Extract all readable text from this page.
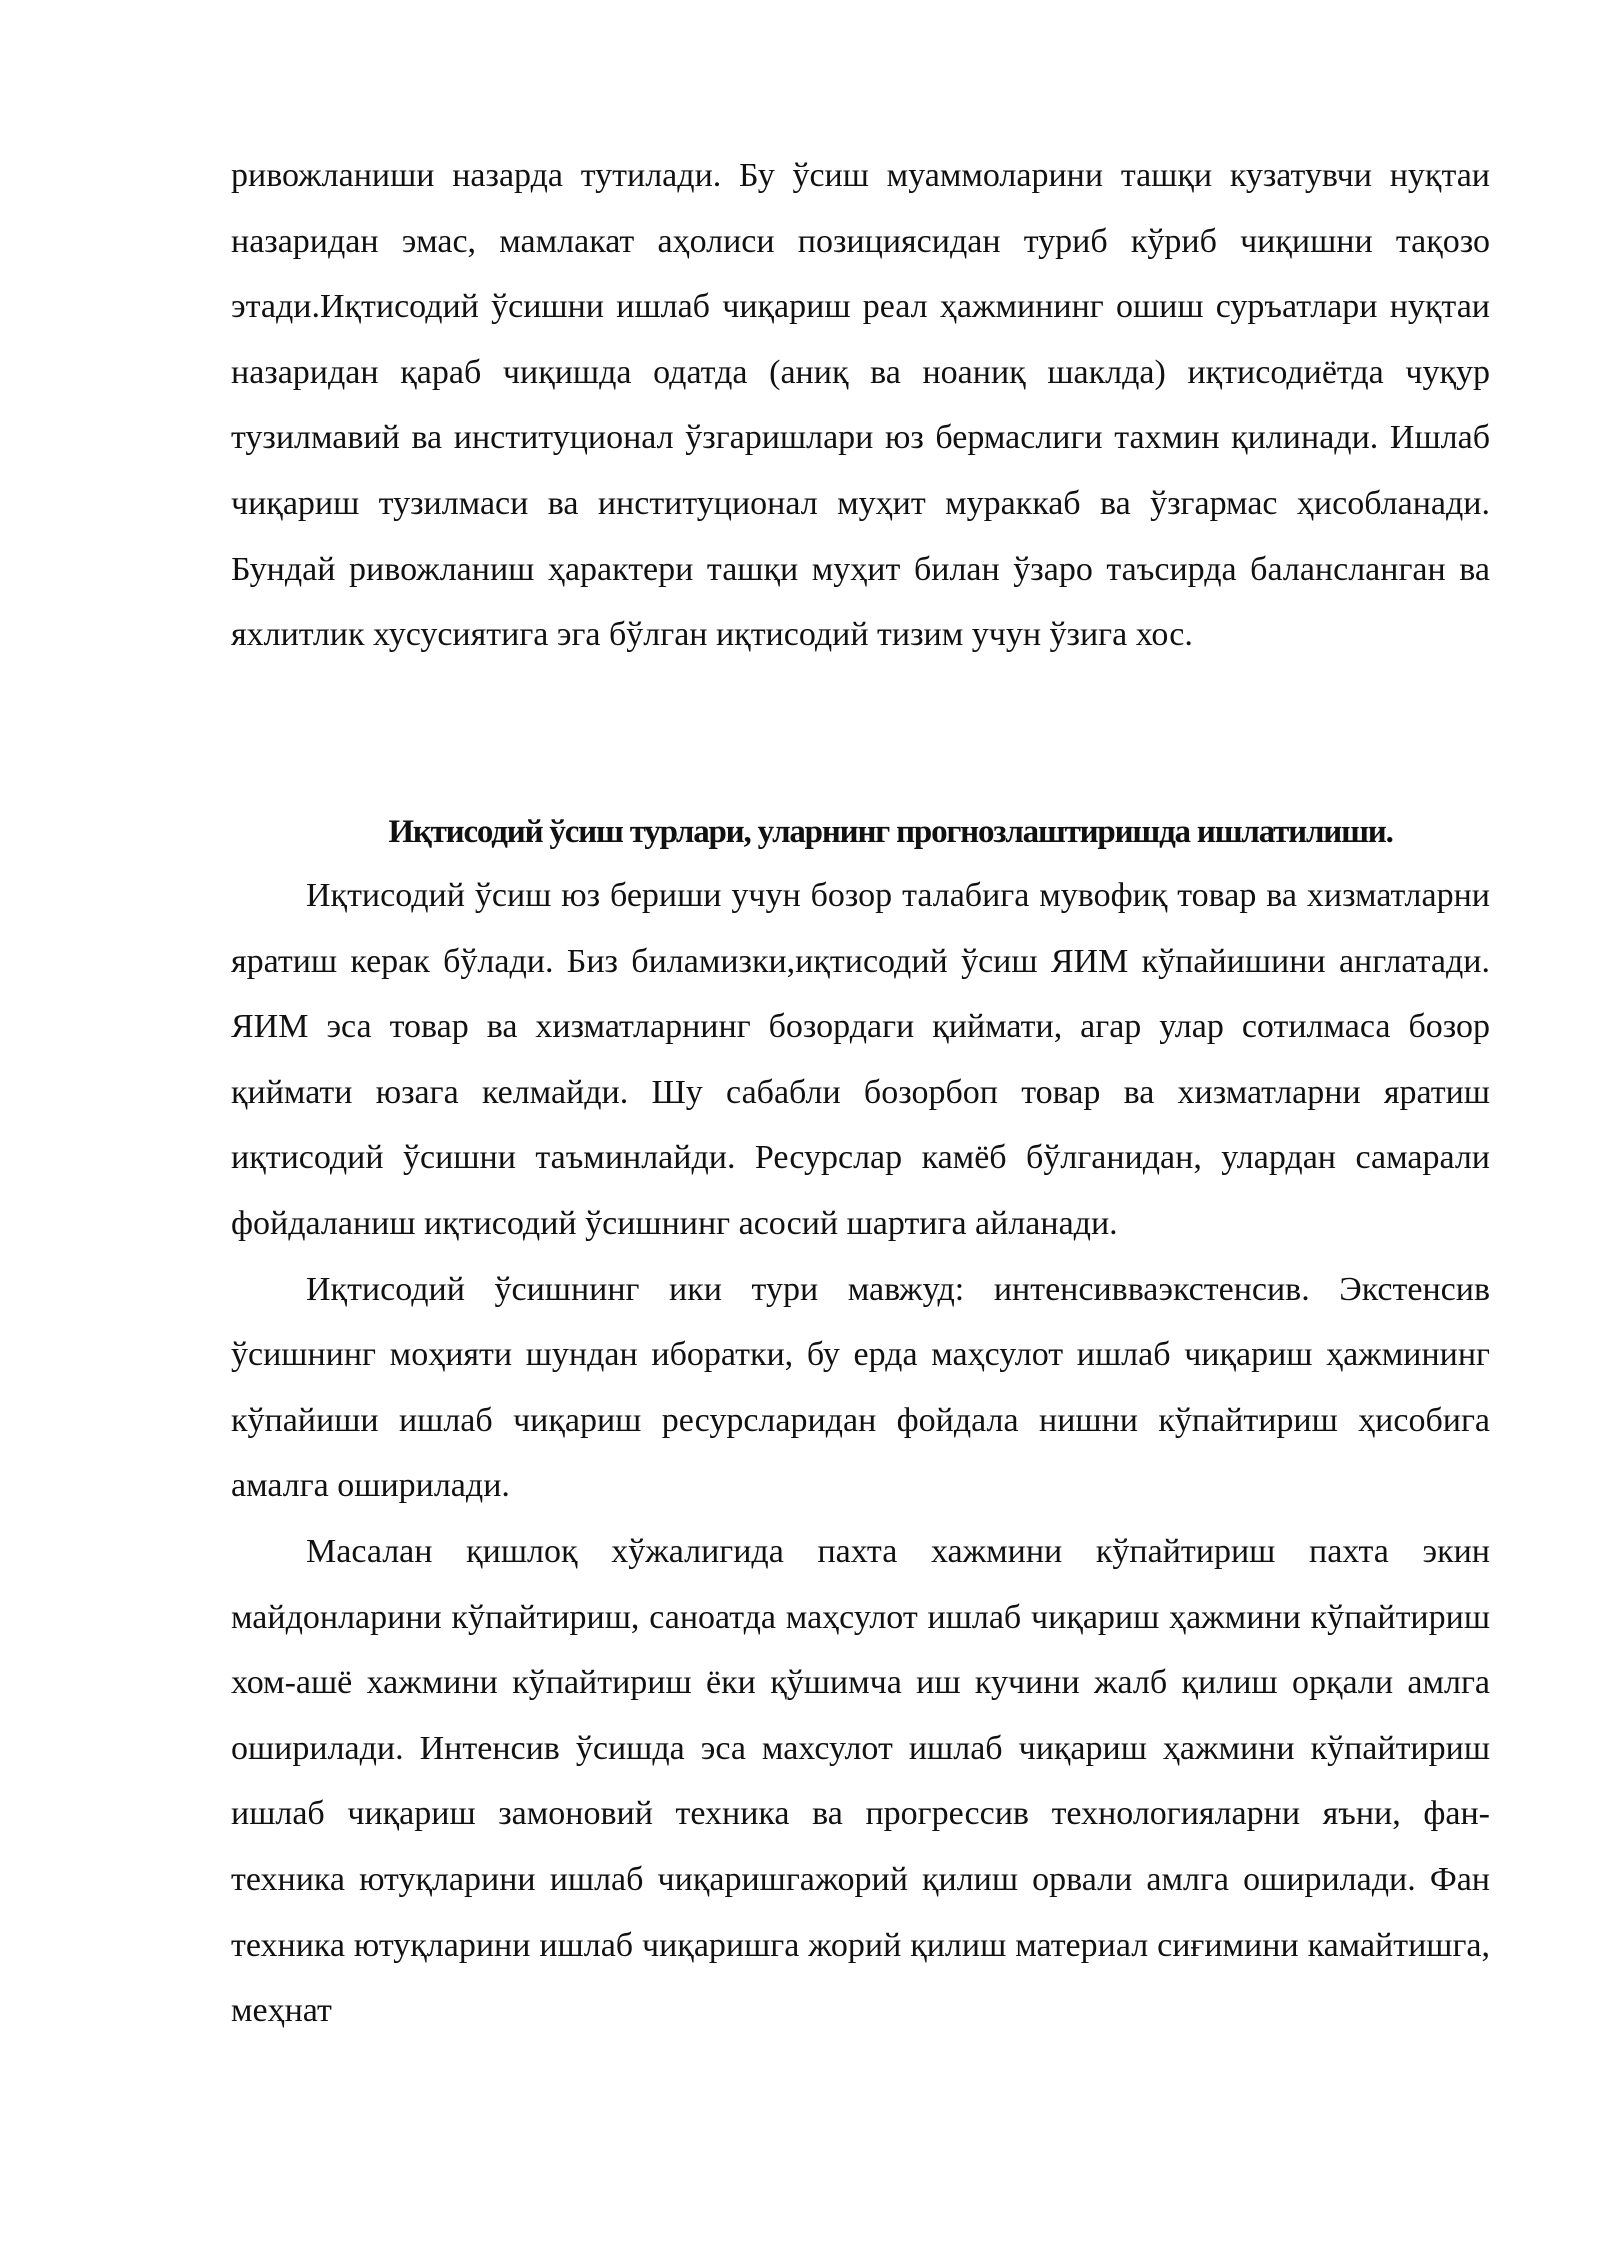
ривожланиши назарда тутилади. Бу ўсиш муаммоларини ташқи кузатувчи нуқтаи назаридан эмас, мамлакат аҳолиси позициясидан туриб кўриб чиқишни тақозо этади.Иқтисодий ўсишни ишлаб чиқариш реал ҳажмининг ошиш суръатлари нуқтаи назаридан қараб чиқишда одатда (аниқ ва ноаниқ шаклда) иқтисодиётда чуқур тузилмавий ва институционал ўзгаришлари юз бермаслиги тахмин қилинади. Ишлаб чиқариш тузилмаси ва институционал муҳит мураккаб ва ўзгармас ҳисобланади. Бундай ривожланиш ҳарактери ташқи муҳит билан ўзаро таъсирда балансланган ва яхлитлик хусусиятига эга бўлган иқтисодий тизим учун ўзига хос.

Иқтисодий ўсиш турлари, уларнинг прогнозлаштиришда ишлатилиши.

Иқтисодий ўсиш юз бериши учун бозор талабига мувофиқ товар ва хизматларни яратиш керак бўлади. Биз биламизки,иқтисодий ўсиш ЯИМ кўпайишини англатади. ЯИМ эса товар ва хизматларнинг бозордаги қиймати, агар улар сотилмаса бозор қиймати юзага келмайди. Шу сабабли бозорбоп товар ва хизматларни яратиш иқтисодий ўсишни таъминлайди. Ресурслар камёб бўлганидан, улардан самарали фойдаланиш иқтисодий ўсишнинг асосий шартига айланади.

Иқтисодий ўсишнинг ики тури мавжуд: интенсивваэкстенсив. Экстенсив ўсишнинг моҳияти шундан иборатки, бу ерда маҳсулот ишлаб чиқариш ҳажмининг кўпайиши ишлаб чиқариш ресурсларидан фойдала нишни кўпайтириш ҳисобига амалга оширилади.

Масалан қишлоқ хўжалигида пахта хажмини кўпайтириш пахта экин майдонларини кўпайтириш, саноатда маҳсулот ишлаб чиқариш ҳажмини кўпайтириш хом-ашё хажмини кўпайтириш ёки қўшимча иш кучини жалб қилиш орқали амлга оширилади. Интенсив ўсишда эса махсулот ишлаб чиқариш ҳажмини кўпайтириш ишлаб чиқариш замоновий техника ва прогрессив технологияларни яъни, фан-техника ютуқларини ишлаб чиқаришгажорий қилиш орвали амлга оширилади. Фан техника ютуқларини ишлаб чиқаришга жорий қилиш материал сиғимини камайтишга, меҳнат
